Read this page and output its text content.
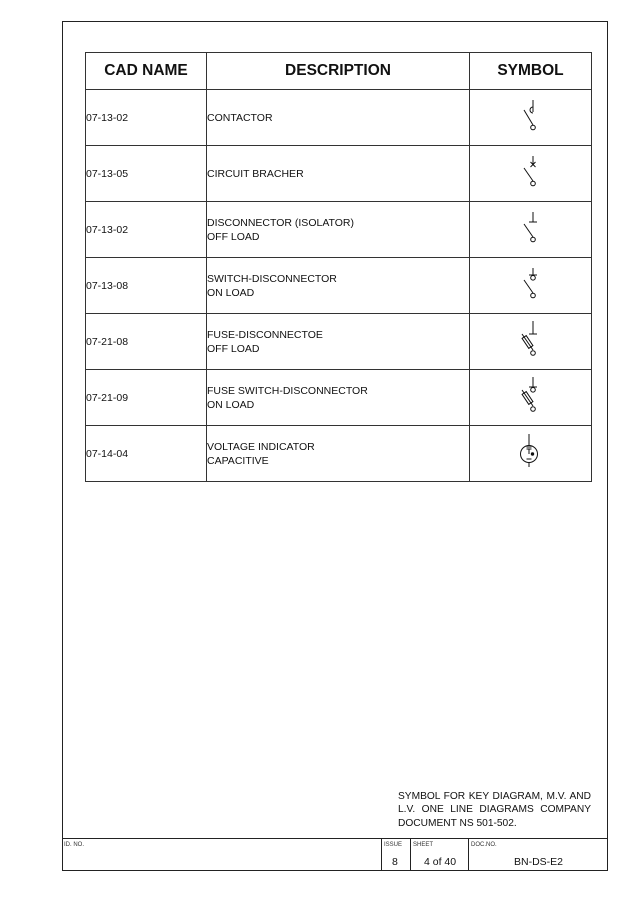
CAD NAME	DESCRIPTION	SYMBOL
07-13-02	CONTACTOR

07-13-05	CIRCUIT BRACHER

07-13-02	DISCONNECTOR (ISOLATOR)
OFF LOAD

07-13-08	SWITCH-DISCONNECTOR
ON LOAD

07-21-08	FUSE-DISCONNECTOE
OFF LOAD

07-21-09	FUSE SWITCH-DISCONNECTOR
ON LOAD

07-14-04	VOLTAGE INDICATOR
CAPACITIVE

SYMBOL FOR KEY DIAGRAM, M.V. AND L.V. ONE LINE DIAGRAMS COMPANY DOCUMENT NS 501-502.
ID. NO.	ISSUE SHEET	DOC.NO.
8 4 of 40	BN-DS-E2
